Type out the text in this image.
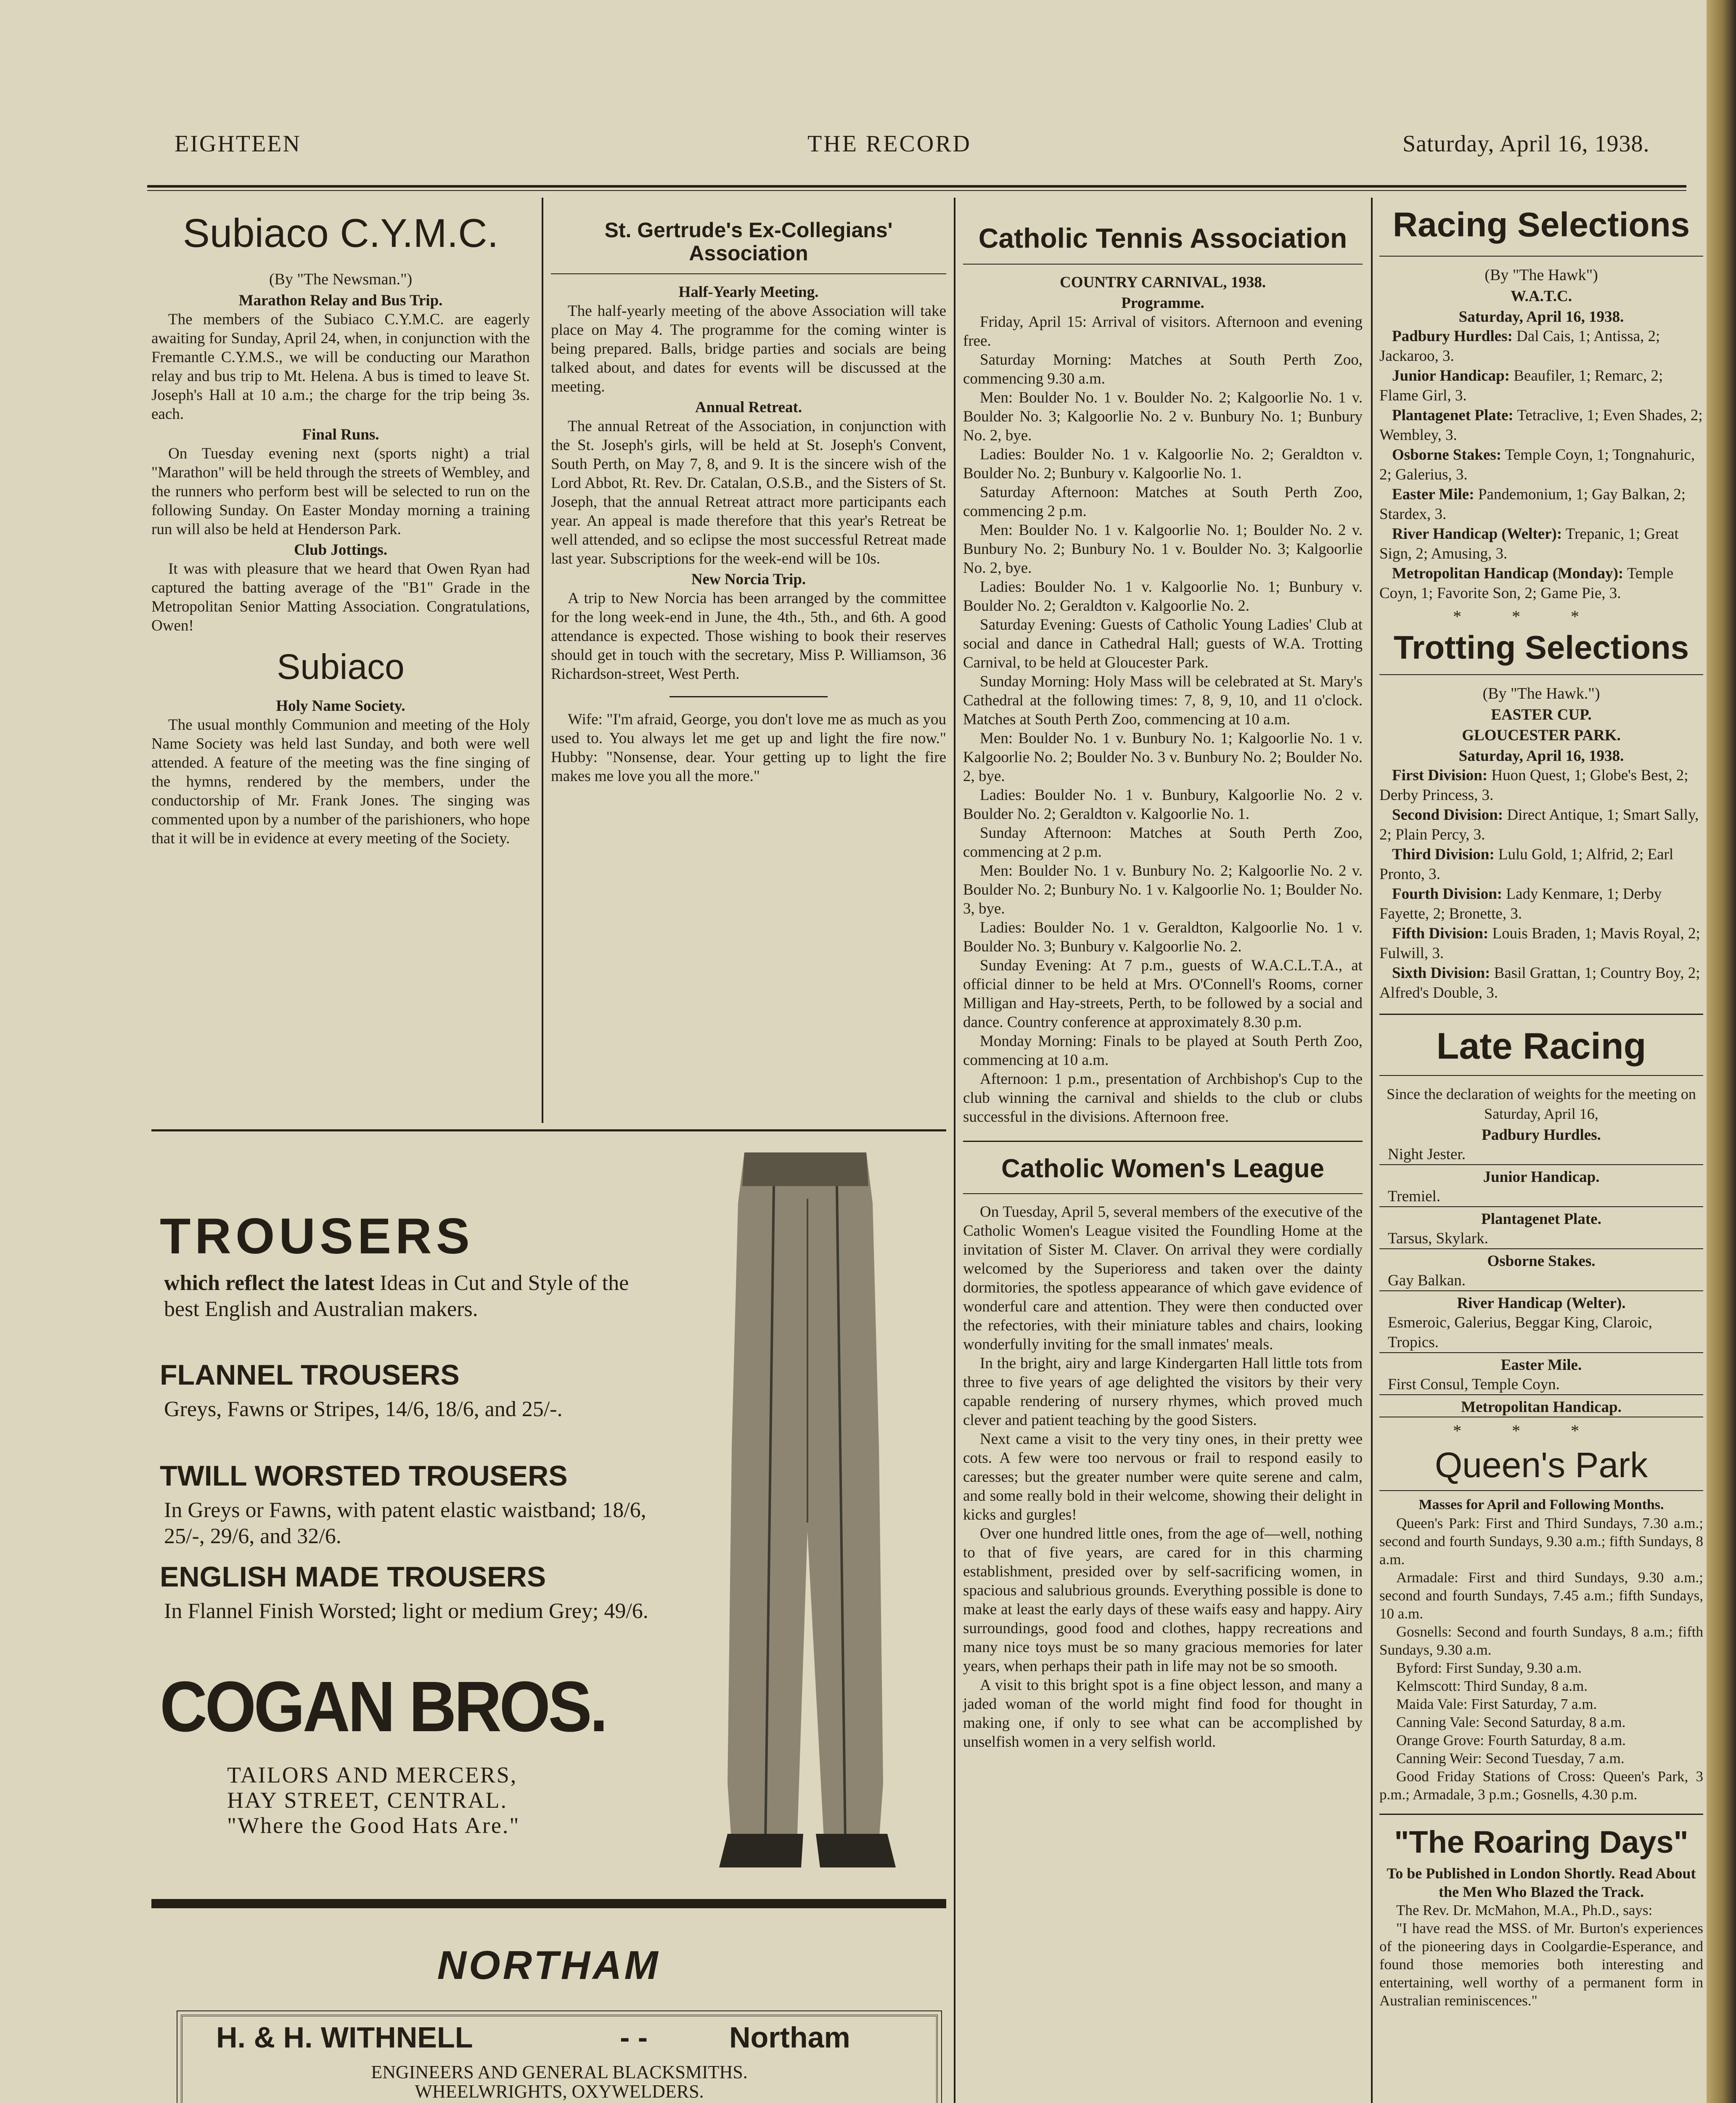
EIGHTEEN	THE RECORD	Saturday, April 16, 1938.
Subiaco C.Y.M.C.
(By "The Newsman.")
Marathon Relay and Bus Trip.

The members of the Subiaco C.Y.M.C. are eagerly awaiting for Sunday, April 24, when, in conjunction with the Fremantle C.Y.M.S., we will be conducting our Marathon relay and bus trip to Mt. Helena. A bus is timed to leave St. Joseph's Hall at 10 a.m.; the charge for the trip being 3s. each.

Final Runs.

On Tuesday evening next (sports night) a trial "Marathon" will be held through the streets of Wembley, and the runners who perform best will be selected to run on the following Sunday. On Easter Monday morning a training run will also be held at Henderson Park.

Club Jottings.

It was with pleasure that we heard that Owen Ryan had captured the batting average of the "B1" Grade in the Metropolitan Senior Matting Association. Congratulations, Owen!

Subiaco
Holy Name Society.

The usual monthly Communion and meeting of the Holy Name Society was held last Sunday, and both were well attended. A feature of the meeting was the fine singing of the hymns, rendered by the members, under the conductorship of Mr. Frank Jones. The singing was commented upon by a number of the parishioners, who hope that it will be in evidence at every meeting of the Society.

St. Gertrude's Ex-Collegians' Association
Half-Yearly Meeting.

The half-yearly meeting of the above Association will take place on May 4. The programme for the coming winter is being prepared. Balls, bridge parties and socials are being talked about, and dates for events will be discussed at the meeting.

Annual Retreat.

The annual Retreat of the Association, in conjunction with the St. Joseph's girls, will be held at St. Joseph's Convent, South Perth, on May 7, 8, and 9. It is the sincere wish of the Lord Abbot, Rt. Rev. Dr. Catalan, O.S.B., and the Sisters of St. Joseph, that the annual Retreat attract more participants each year. An appeal is made therefore that this year's Retreat be well attended, and so eclipse the most successful Retreat made last year. Subscriptions for the week-end will be 10s.

New Norcia Trip.

A trip to New Norcia has been arranged by the committee for the long week-end in June, the 4th., 5th., and 6th. A good attendance is expected. Those wishing to book their reserves should get in touch with the secretary, Miss P. Williamson, 36 Richardson-street, West Perth.

Wife: "I'm afraid, George, you don't love me as much as you used to. You always let me get up and light the fire now." Hubby: "Nonsense, dear. Your getting up to light the fire makes me love you all the more."

TROUSERS
which reflect the latest Ideas in Cut and Style of the best English and Australian makers.
FLANNEL TROUSERS
Greys, Fawns or Stripes, 14/6, 18/6, and 25/-.
TWILL WORSTED TROUSERS
In Greys or Fawns, with patent elastic waistband; 18/6, 25/-, 29/6, and 32/6.
ENGLISH MADE TROUSERS
In Flannel Finish Worsted; light or medium Grey; 49/6.
COGAN BROS.
TAILORS AND MERCERS,
HAY STREET, CENTRAL.
"Where the Good Hats Are."
NORTHAM
H. & H. WITHNELL	- -	Northam
ENGINEERS AND GENERAL BLACKSMITHS.
WHEELWRIGHTS, OXYWELDERS.
Catholic Tennis Association
COUNTRY CARNIVAL, 1938.
Programme.

Friday, April 15: Arrival of visitors. Afternoon and evening free.

Saturday Morning: Matches at South Perth Zoo, commencing 9.30 a.m.

Men: Boulder No. 1 v. Boulder No. 2; Kalgoorlie No. 1 v. Boulder No. 3; Kalgoorlie No. 2 v. Bunbury No. 1; Bunbury No. 2, bye.

Ladies: Boulder No. 1 v. Kalgoorlie No. 2; Geraldton v. Boulder No. 2; Bunbury v. Kalgoorlie No. 1.

Saturday Afternoon: Matches at South Perth Zoo, commencing 2 p.m.

Men: Boulder No. 1 v. Kalgoorlie No. 1; Boulder No. 2 v. Bunbury No. 2; Bunbury No. 1 v. Boulder No. 3; Kalgoorlie No. 2, bye.

Ladies: Boulder No. 1 v. Kalgoorlie No. 1; Bunbury v. Boulder No. 2; Geraldton v. Kalgoorlie No. 2.

Saturday Evening: Guests of Catholic Young Ladies' Club at social and dance in Cathedral Hall; guests of W.A. Trotting Carnival, to be held at Gloucester Park.

Sunday Morning: Holy Mass will be celebrated at St. Mary's Cathedral at the following times: 7, 8, 9, 10, and 11 o'clock. Matches at South Perth Zoo, commencing at 10 a.m.

Men: Boulder No. 1 v. Bunbury No. 1; Kalgoorlie No. 1 v. Kalgoorlie No. 2; Boulder No. 3 v. Bunbury No. 2; Boulder No. 2, bye.

Ladies: Boulder No. 1 v. Bunbury, Kalgoorlie No. 2 v. Boulder No. 2; Geraldton v. Kalgoorlie No. 1.

Sunday Afternoon: Matches at South Perth Zoo, commencing at 2 p.m.

Men: Boulder No. 1 v. Bunbury No. 2; Kalgoorlie No. 2 v. Boulder No. 2; Bunbury No. 1 v. Kalgoorlie No. 1; Boulder No. 3, bye.

Ladies: Boulder No. 1 v. Geraldton, Kalgoorlie No. 1 v. Boulder No. 3; Bunbury v. Kalgoorlie No. 2.

Sunday Evening: At 7 p.m., guests of W.A.C.L.T.A., at official dinner to be held at Mrs. O'Connell's Rooms, corner Milligan and Hay-streets, Perth, to be followed by a social and dance. Country conference at approximately 8.30 p.m.

Monday Morning: Finals to be played at South Perth Zoo, commencing at 10 a.m.

Afternoon: 1 p.m., presentation of Archbishop's Cup to the club winning the carnival and shields to the club or clubs successful in the divisions. Afternoon free.

Catholic Women's League

On Tuesday, April 5, several members of the executive of the Catholic Women's League visited the Foundling Home at the invitation of Sister M. Claver. On arrival they were cordially welcomed by the Superioress and taken over the dainty dormitories, the spotless appearance of which gave evidence of wonderful care and attention. They were then conducted over the refectories, with their miniature tables and chairs, looking wonderfully inviting for the small inmates' meals.

In the bright, airy and large Kindergarten Hall little tots from three to five years of age delighted the visitors by their very capable rendering of nursery rhymes, which proved much clever and patient teaching by the good Sisters.

Next came a visit to the very tiny ones, in their pretty wee cots. A few were too nervous or frail to respond easily to caresses; but the greater number were quite serene and calm, and some really bold in their welcome, showing their delight in kicks and gurgles!

Over one hundred little ones, from the age of—well, nothing to that of five years, are cared for in this charming establishment, presided over by self-sacrificing women, in spacious and salubrious grounds. Everything possible is done to make at least the early days of these waifs easy and happy. Airy surroundings, good food and clothes, happy recreations and many nice toys must be so many gracious memories for later years, when perhaps their path in life may not be so smooth.

A visit to this bright spot is a fine object lesson, and many a jaded woman of the world might find food for thought in making one, if only to see what can be accomplished by unselfish women in a very selfish world.

Racing Selections
(By "The Hawk")
W.A.T.C.
Saturday, April 16, 1938.
Padbury Hurdles: Dal Cais, 1; Antissa, 2; Jackaroo, 3.
Junior Handicap: Beaufiler, 1; Remarc, 2; Flame Girl, 3.
Plantagenet Plate: Tetraclive, 1; Even Shades, 2; Wembley, 3.
Osborne Stakes: Temple Coyn, 1; Tongnahuric, 2; Galerius, 3.
Easter Mile: Pandemonium, 1; Gay Balkan, 2; Stardex, 3.
River Handicap (Welter): Trepanic, 1; Great Sign, 2; Amusing, 3.
Metropolitan Handicap (Monday): Temple Coyn, 1; Favorite Son, 2; Game Pie, 3.
***
Trotting Selections
(By "The Hawk.")
EASTER CUP.
GLOUCESTER PARK.
Saturday, April 16, 1938.
First Division: Huon Quest, 1; Globe's Best, 2; Derby Princess, 3.
Second Division: Direct Antique, 1; Smart Sally, 2; Plain Percy, 3.
Third Division: Lulu Gold, 1; Alfrid, 2; Earl Pronto, 3.
Fourth Division: Lady Kenmare, 1; Derby Fayette, 2; Bronette, 3.
Fifth Division: Louis Braden, 1; Mavis Royal, 2; Fulwill, 3.
Sixth Division: Basil Grattan, 1; Country Boy, 2; Alfred's Double, 3.
Late Racing
Since the declaration of weights for the meeting on Saturday, April 16,
Padbury Hurdles.
Night Jester.
Junior Handicap.
Tremiel.
Plantagenet Plate.
Tarsus, Skylark.
Osborne Stakes.
Gay Balkan.
River Handicap (Welter).
Esmeroic, Galerius, Beggar King, Claroic, Tropics.
Easter Mile.
First Consul, Temple Coyn.
Metropolitan Handicap.
***
Queen's Park
Masses for April and Following Months.

Queen's Park: First and Third Sundays, 7.30 a.m.; second and fourth Sundays, 9.30 a.m.; fifth Sundays, 8 a.m.

Armadale: First and third Sundays, 9.30 a.m.; second and fourth Sundays, 7.45 a.m.; fifth Sundays, 10 a.m.

Gosnells: Second and fourth Sundays, 8 a.m.; fifth Sundays, 9.30 a.m.

Byford: First Sunday, 9.30 a.m.

Kelmscott: Third Sunday, 8 a.m.

Maida Vale: First Saturday, 7 a.m.

Canning Vale: Second Saturday, 8 a.m.

Orange Grove: Fourth Saturday, 8 a.m.

Canning Weir: Second Tuesday, 7 a.m.

Good Friday Stations of Cross: Queen's Park, 3 p.m.; Armadale, 3 p.m.; Gosnells, 4.30 p.m.

"The Roaring Days"
To be Published in London Shortly. Read About the Men Who Blazed the Track.

The Rev. Dr. McMahon, M.A., Ph.D., says:

"I have read the MSS. of Mr. Burton's experiences of the pioneering days in Coolgardie-Esperance, and found those memories both interesting and entertaining, well worthy of a permanent form in Australian reminiscences."
